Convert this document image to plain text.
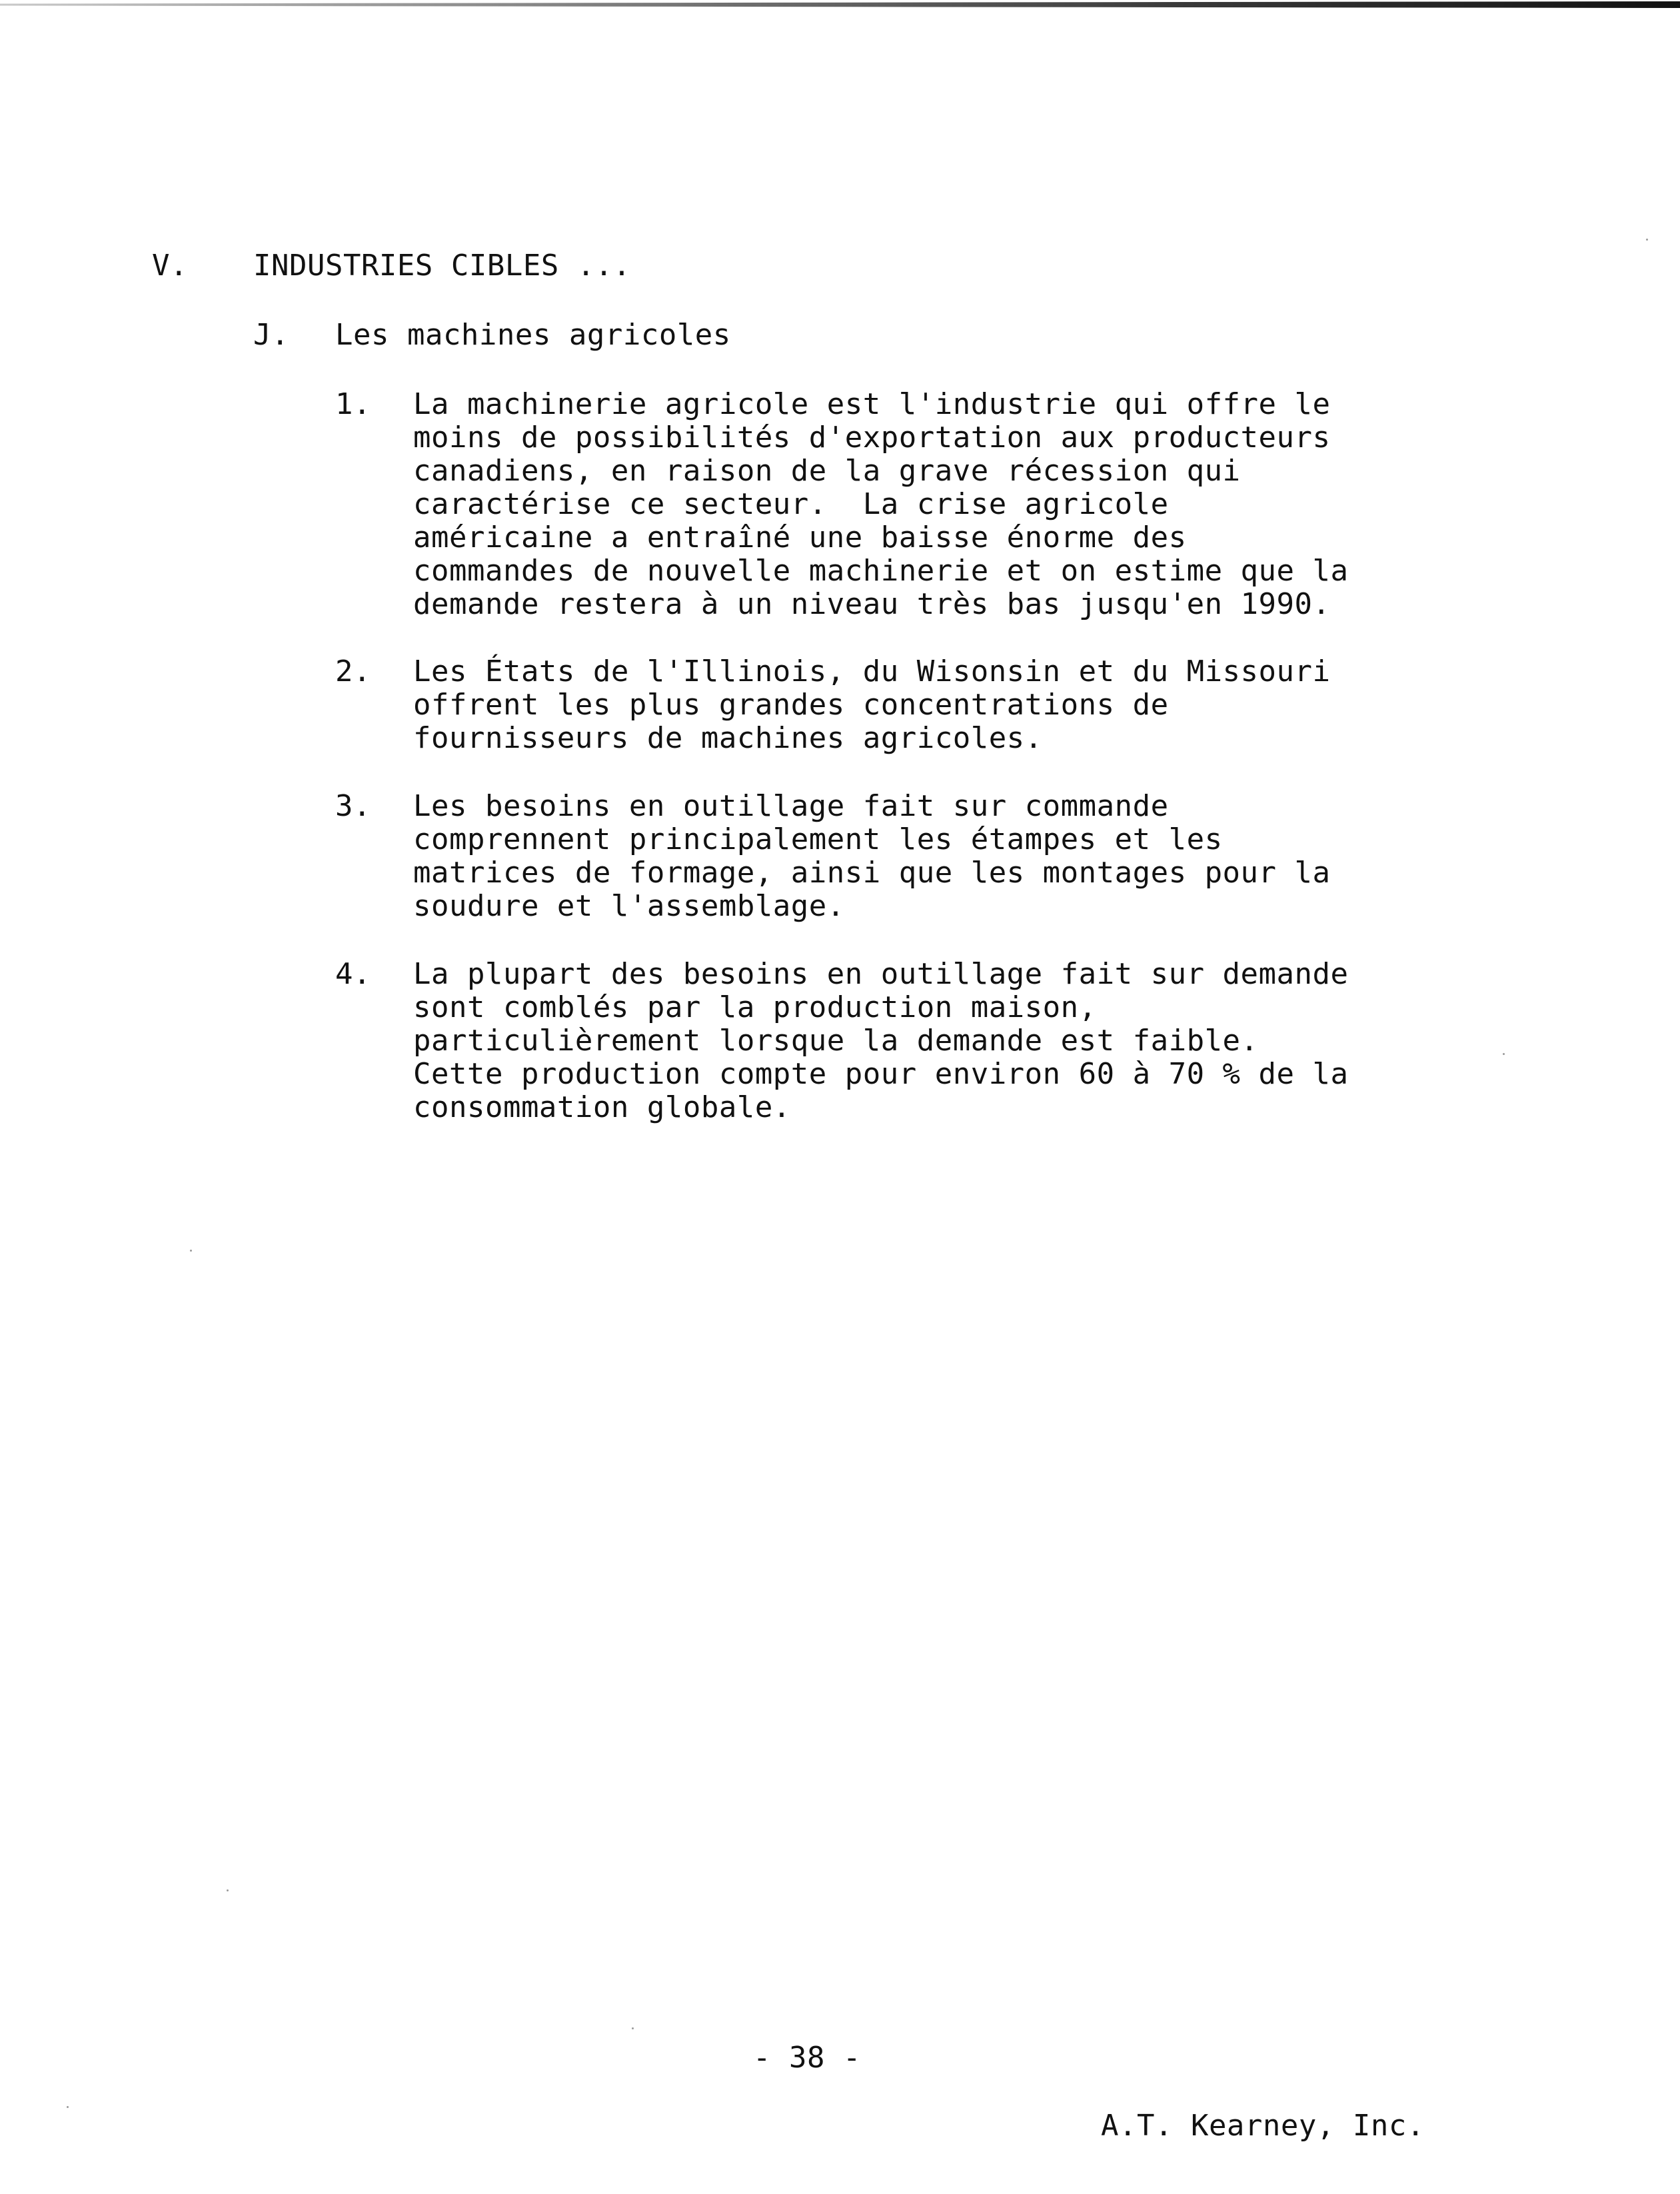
V. INDUSTRIES CIBLES ...
J. Les machines agricoles
1. La machinerie agricole est l'industrie qui offre le
moins de possibilités d'exportation aux producteurs
canadiens, en raison de la grave récession qui
caractérise ce secteur.  La crise agricole
américaine a entraîné une baisse énorme des
commandes de nouvelle machinerie et on estime que la
demande restera à un niveau très bas jusqu'en 1990.
2. Les États de l'Illinois, du Wisonsin et du Missouri
offrent les plus grandes concentrations de
fournisseurs de machines agricoles.
3. Les besoins en outillage fait sur commande
comprennent principalement les étampes et les
matrices de formage, ainsi que les montages pour la
soudure et l'assemblage.
4. La plupart des besoins en outillage fait sur demande
sont comblés par la production maison,
particulièrement lorsque la demande est faible.
Cette production compte pour environ 60 à 70 % de la
consommation globale.
- 38 -
A.T. Kearney, Inc.
